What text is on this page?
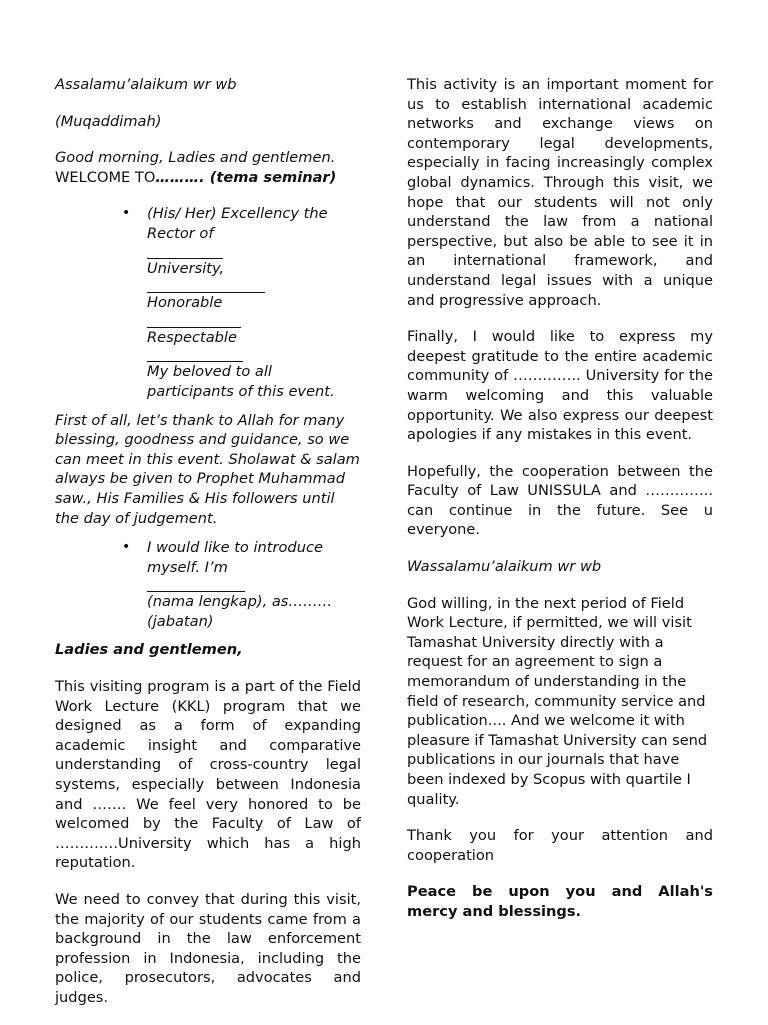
Assalamu’alaikum wr wb

(Muqaddimah)

Good morning, Ladies and gentlemen.
WELCOME TO………. (tema seminar)

• (His/ Her) Excellency the
Rector of
University,
Honorable
Respectable
My beloved to all
participants of this event.

First of all, let’s thank to Allah for many blessing, goodness and guidance, so we can meet in this event. Sholawat & salam always be given to Prophet Muhammad saw., His Families & His followers until the day of judgement.

• I would like to introduce
myself. I’m
(nama lengkap), as………
(jabatan)

Ladies and gentlemen,

This visiting program is a part of the Field Work Lecture (KKL) program that we designed as a form of expanding academic insight and comparative understanding of cross-country legal systems, especially between Indonesia and ……. We feel very honored to be welcomed by the Faculty of Law of ………….University which has a high reputation.

We need to convey that during this visit, the majority of our students came from a background in the law enforcement profession in Indonesia, including the police, prosecutors, advocates and judges.

This activity is an important moment for us to establish international academic networks and exchange views on contemporary legal developments, especially in facing increasingly complex global dynamics. Through this visit, we hope that our students will not only understand the law from a national perspective, but also be able to see it in an international framework, and understand legal issues with a unique and progressive approach.

Finally, I would like to express my deepest gratitude to the entire academic community of ………….. University for the warm welcoming and this valuable opportunity. We also express our deepest apologies if any mistakes in this event.

Hopefully, the cooperation between the Faculty of Law UNISSULA and ………….. can continue in the future. See u everyone.

Wassalamu’alaikum wr wb

God willing, in the next period of Field Work Lecture, if permitted, we will visit Tamashat University directly with a request for an agreement to sign a memorandum of understanding in the field of research, community service and publication.... And we welcome it with pleasure if Tamashat University can send publications in our journals that have been indexed by Scopus with quartile I quality.

Thank you for your attention and cooperation

Peace be upon you and Allah's mercy and blessings.
